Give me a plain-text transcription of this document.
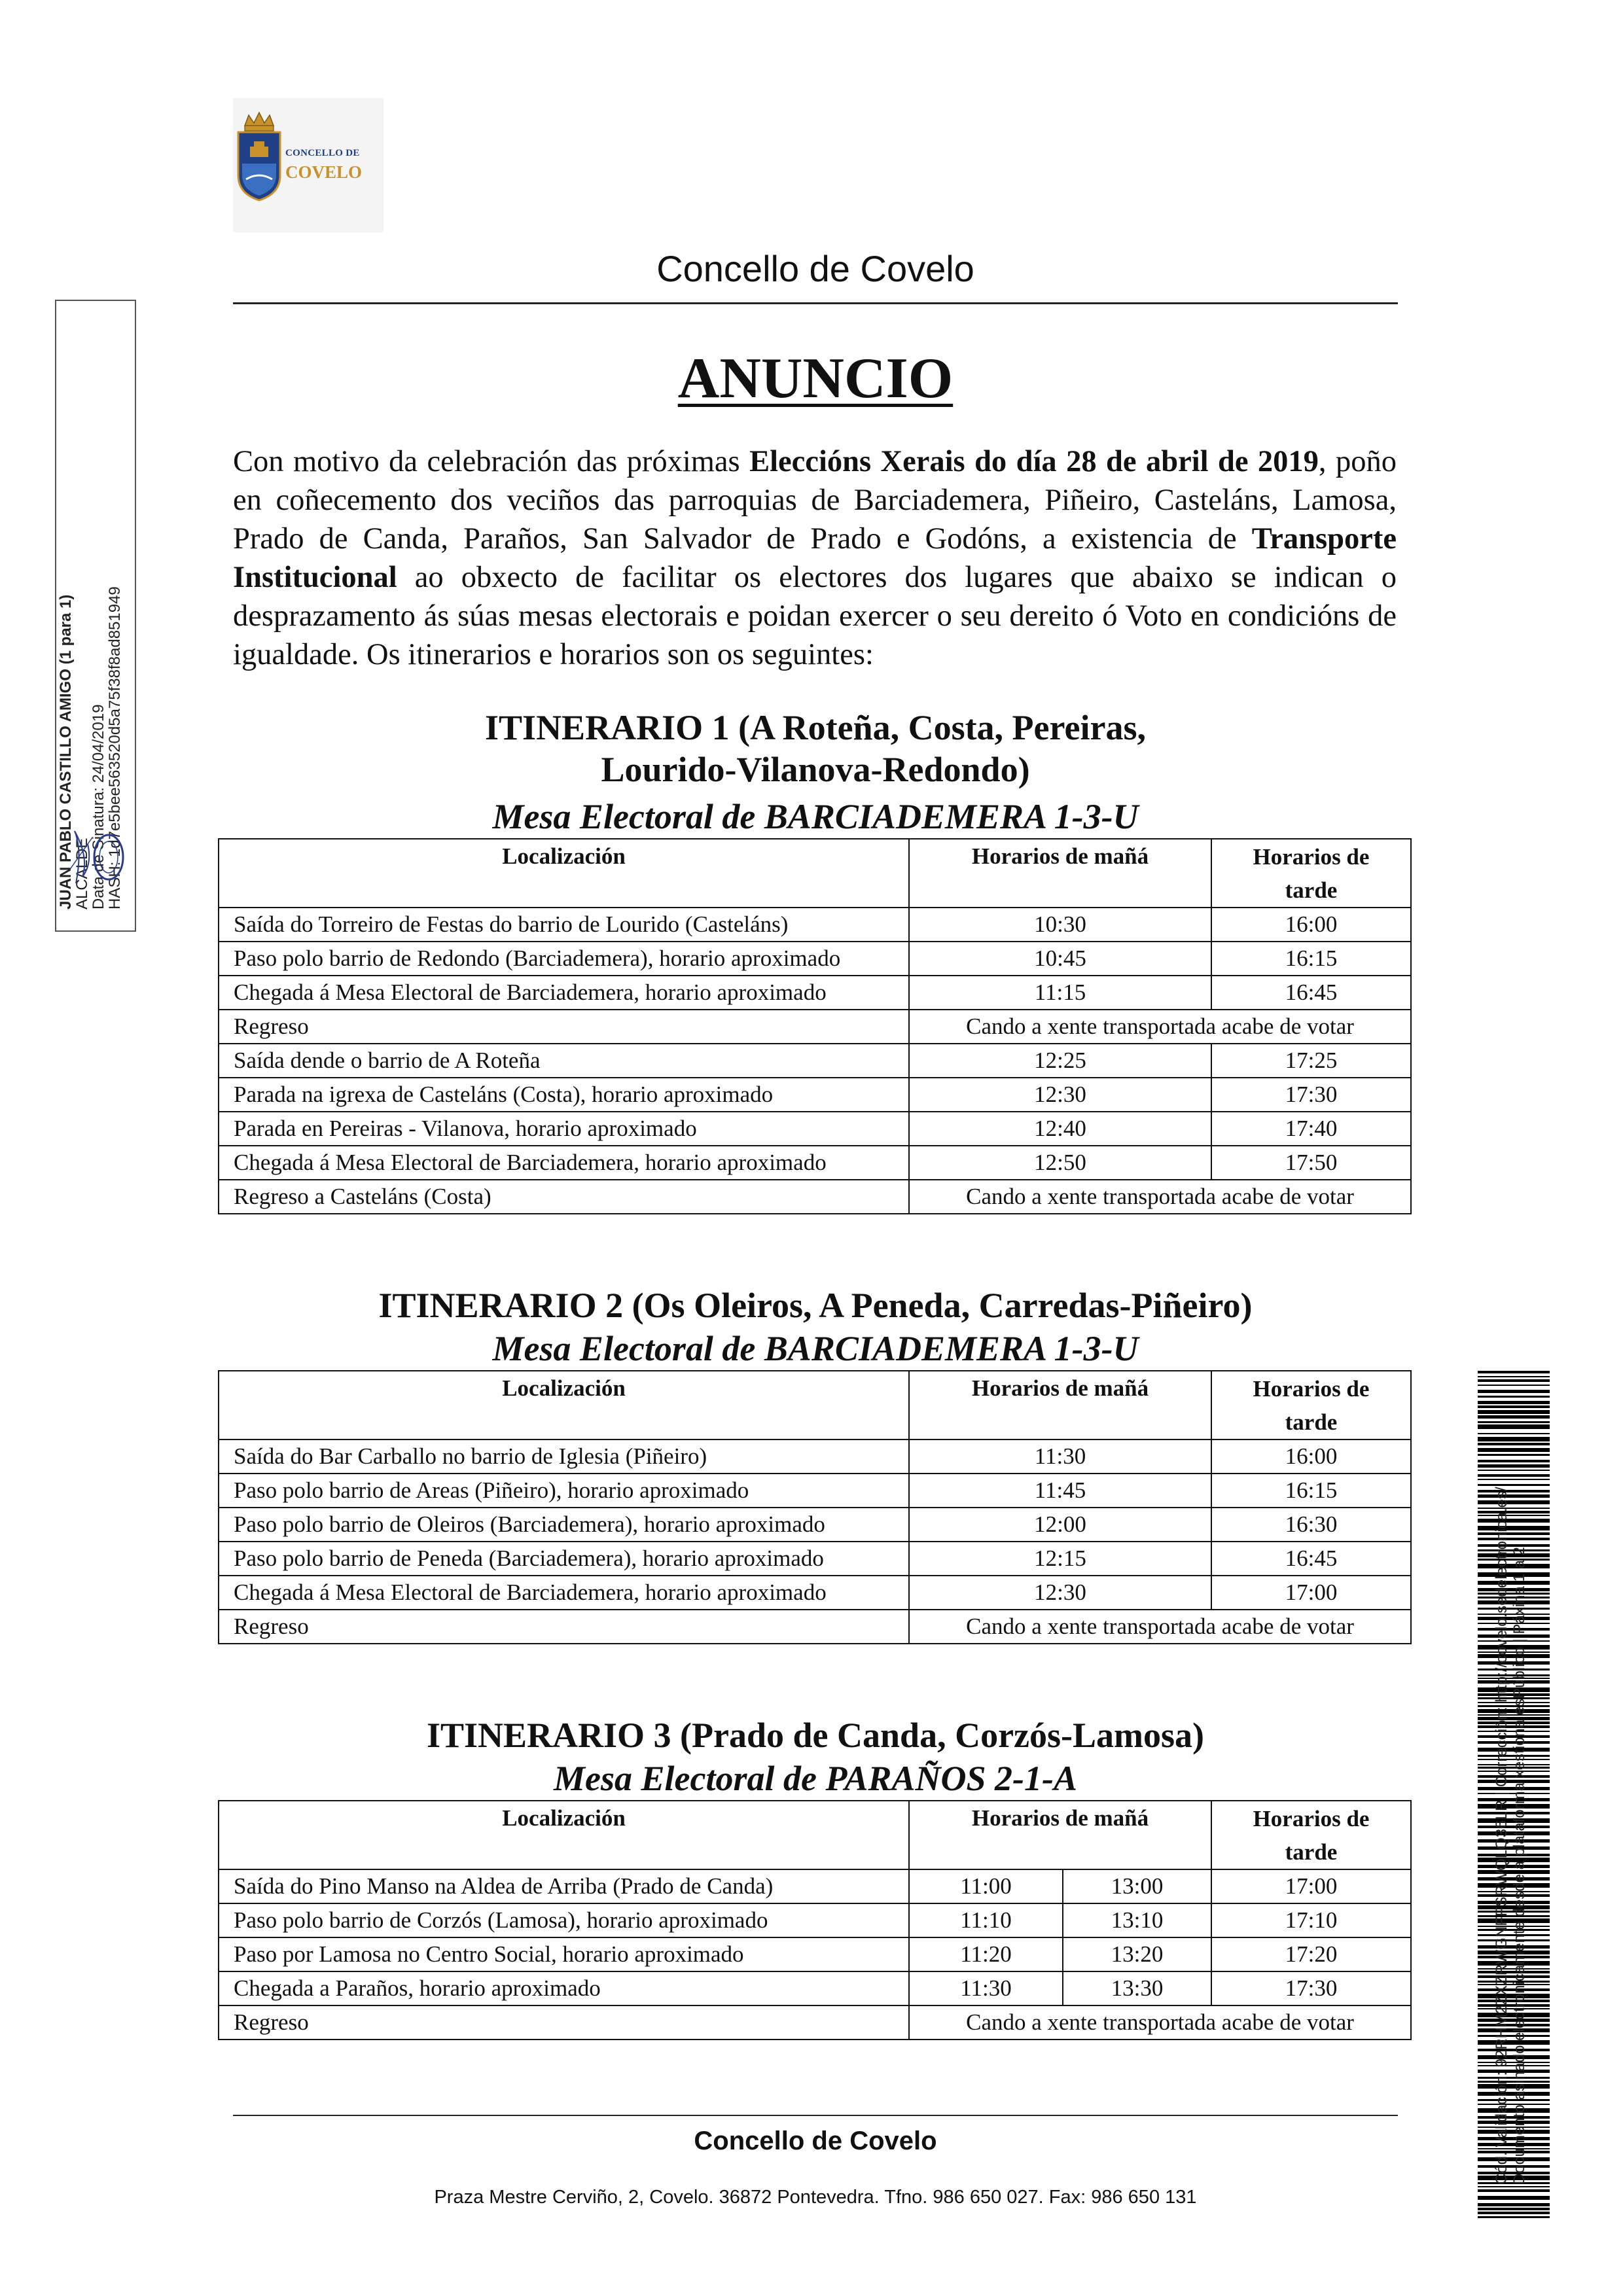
CONCELLO DE
COVELO
Concello de Covelo
ANUNCIO
Con motivo da celebración das próximas Eleccións Xerais do día 28 de abril de 2019, poño en coñecemento dos veciños das parroquias de Barciademera, Piñeiro, Casteláns, Lamosa, Prado de Canda, Paraños, San Salvador de Prado e Godóns, a existencia de Transporte Institucional ao obxecto de facilitar os electores dos lugares que abaixo se indican o desprazamento ás súas mesas electorais e poidan exercer o seu dereito ó Voto en condicións de igualdade. Os itinerarios e horarios son os seguintes:
ITINERARIO 1 (A Roteña, Costa, Pereiras,
Lourido-Vilanova-Redondo)
Mesa Electoral de BARCIADEMERA 1-3-U
Localización	Horarios de mañá	Horarios de tarde
Saída do Torreiro de Festas do barrio de Lourido (Casteláns)	10:30	16:00
Paso polo barrio de Redondo (Barciademera), horario aproximado	10:45	16:15
Chegada á Mesa Electoral de Barciademera, horario aproximado	11:15	16:45
Regreso	Cando a xente transportada acabe de votar	
Saída dende o barrio de A Roteña	12:25	17:25
Parada na igrexa de Casteláns (Costa), horario aproximado	12:30	17:30
Parada en Pereiras - Vilanova, horario aproximado	12:40	17:40
Chegada á Mesa Electoral de Barciademera, horario aproximado	12:50	17:50
Regreso a Casteláns (Costa)	Cando a xente transportada acabe de votar	
ITINERARIO 2 (Os Oleiros, A Peneda, Carredas-Piñeiro)
Mesa Electoral de BARCIADEMERA 1-3-U
Localización	Horarios de mañá	Horarios de tarde
Saída do Bar Carballo no barrio de Iglesia (Piñeiro)	11:30	16:00
Paso polo barrio de Areas (Piñeiro), horario aproximado	11:45	16:15
Paso polo barrio de Oleiros (Barciademera), horario aproximado	12:00	16:30
Paso polo barrio de Peneda (Barciademera), horario aproximado	12:15	16:45
Chegada á Mesa Electoral de Barciademera, horario aproximado	12:30	17:00
Regreso	Cando a xente transportada acabe de votar	
ITINERARIO 3 (Prado de Canda, Corzós-Lamosa)
Mesa Electoral de PARAÑOS 2-1-A
Localización	Horarios de mañá		Horarios de tarde
Saída do Pino Manso na Aldea de Arriba (Prado de Canda)	11:00	13:00	17:00
Paso polo barrio de Corzós (Lamosa), horario aproximado	11:10	13:10	17:10
Paso por Lamosa no Centro Social, horario aproximado	11:20	13:20	17:20
Chegada a Paraños, horario aproximado	11:30	13:30	17:30
Regreso	Cando a xente transportada acabe de votar		
JUAN PABLO CASTILLO AMIGO (1 para 1)
ALCALDE
Data de Sinatura: 24/04/2019
HASH: 1d7e5bee563520d5a75f38f8ad851949
Cód. Validación: 92RHM2ZXZRWGNFFSRWQLQ36LR | Corrección: http://covelo.sedelectronica.es/ Documento asinado electronicamente desde a plataforma xestiona esPúblico | Páxina 1 a 2
Concello de Covelo
Praza Mestre Cerviño, 2, Covelo. 36872 Pontevedra. Tfno. 986 650 027. Fax: 986 650 131
